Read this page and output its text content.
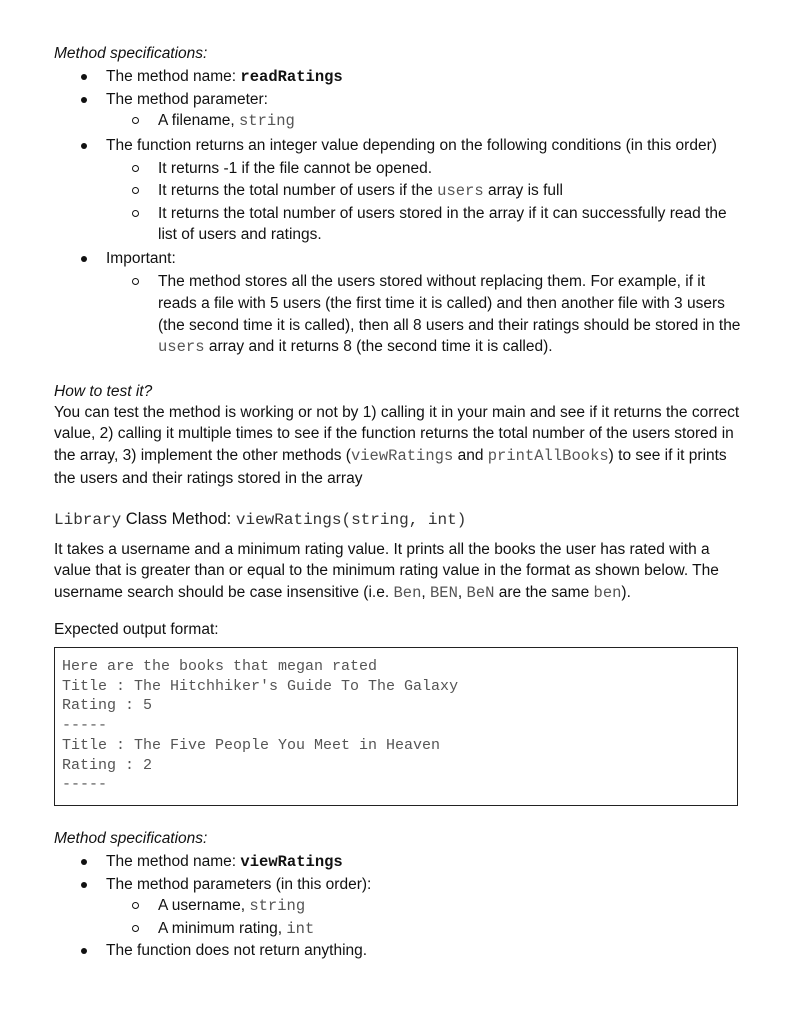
Method specifications:
The method name: readRatings
The method parameter:
A filename, string
The function returns an integer value depending on the following conditions (in this order)
It returns -1 if the file cannot be opened.
It returns the total number of users if the users array is full
It returns the total number of users stored in the array if it can successfully read the list of users and ratings.
Important:
The method stores all the users stored without replacing them. For example, if it reads a file with 5 users (the first time it is called) and then another file with 3 users (the second time it is called), then all 8 users and their ratings should be stored in the users array and it returns 8 (the second time it is called).
How to test it?

You can test the method is working or not by 1) calling it in your main and see if it returns the correct value, 2) calling it multiple times to see if the function returns the total number of the users stored in the array, 3) implement the other methods (viewRatings and printAllBooks) to see if it prints the users and their ratings stored in the array

Library Class Method: viewRatings(string, int)

It takes a username and a minimum rating value. It prints all the books the user has rated with a value that is greater than or equal to the minimum rating value in the format as shown below. The username search should be case insensitive (i.e. Ben, BEN, BeN are the same ben).

Expected output format:

Here are the books that megan rated
Title : The Hitchhiker's Guide To The Galaxy
Rating : 5
-----
Title : The Five People You Meet in Heaven
Rating : 2
-----
Method specifications:
The method name: viewRatings
The method parameters (in this order):
A username, string
A minimum rating, int
The function does not return anything.
